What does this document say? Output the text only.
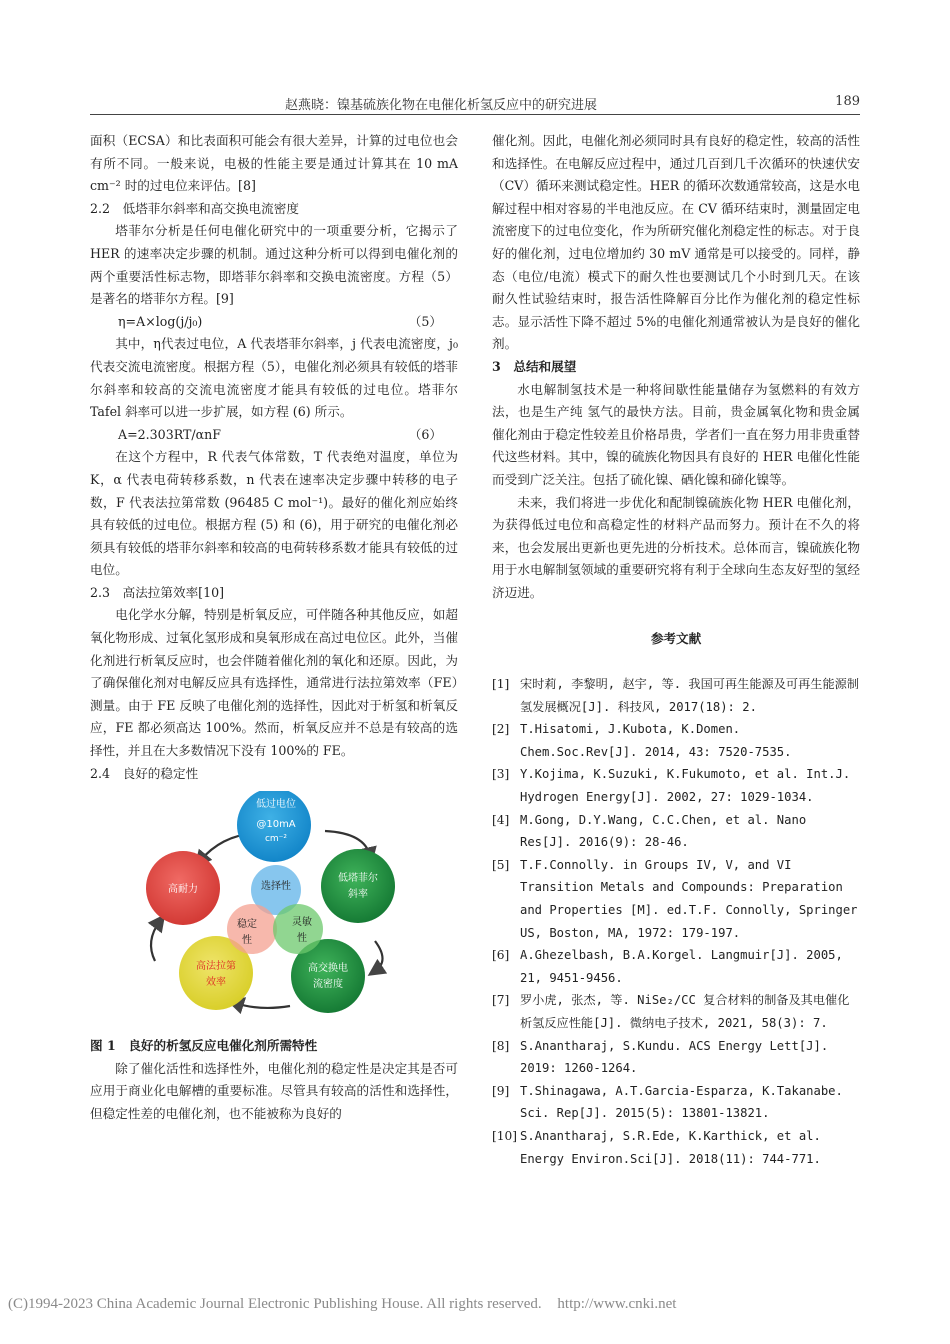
赵燕晓：镍基硫族化物在电催化析氢反应中的研究进展	189

面积（ECSA）和比表面积可能会有很大差异，计算的过电位也会有所不同。一般来说，电极的性能主要是通过计算其在 10 mA cm⁻² 时的过电位来评估。[8]

2.2　低塔菲尔斜率和高交换电流密度

塔菲尔分析是任何电催化研究中的一项重要分析，它揭示了 HER 的速率决定步骤的机制。通过这种分析可以得到电催化剂的两个重要活性标志物，即塔菲尔斜率和交换电流密度。方程（5）是著名的塔菲尔方程。[9]

η=A×log(j/j₀)	（5）

其中，η代表过电位，A 代表塔菲尔斜率，j 代表电流密度，j₀代表交流电流密度。根据方程（5），电催化剂必须具有较低的塔菲尔斜率和较高的交流电流密度才能具有较低的过电位。塔菲尔 Tafel 斜率可以进一步扩展，如方程 (6) 所示。

A=2.303RT/αnF	（6）

在这个方程中，R 代表气体常数，T 代表绝对温度，单位为 K，α 代表电荷转移系数，n 代表在速率决定步骤中转移的电子数，F 代表法拉第常数 (96485 C mol⁻¹)。最好的催化剂应始终具有较低的过电位。根据方程 (5) 和 (6)，用于研究的电催化剂必须具有较低的塔菲尔斜率和较高的电荷转移系数才能具有较低的过电位。

2.3　高法拉第效率[10]

电化学水分解，特别是析氧反应，可伴随各种其他反应，如超氧化物形成、过氧化氢形成和臭氧形成在高过电位区。此外，当催化剂进行析氧反应时，也会伴随着催化剂的氧化和还原。因此，为了确保催化剂对电解反应具有选择性，通常进行法拉第效率（FE）测量。由于 FE 反映了电催化剂的选择性，因此对于析氢和析氧反应，FE 都必须高达 100%。然而，析氧反应并不总是有较高的选择性，并且在大多数情况下没有 100%的 FE。

2.4　良好的稳定性

低过电位@10mA cm⁻²
低塔菲尔斜率
高交换电流密度
高法拉第效率
高耐力	选择性
稳定性
灵敏性

图 1　良好的析氢反应电催化剂所需特性

除了催化活性和选择性外，电催化剂的稳定性是决定其是否可应用于商业化电解槽的重要标准。尽管具有较高的活性和选择性，但稳定性差的电催化剂，也不能被称为良好的

催化剂。因此，电催化剂必须同时具有良好的稳定性，较高的活性和选择性。在电解反应过程中，通过几百到几千次循环的快速伏安（CV）循环来测试稳定性。HER 的循环次数通常较高，这是水电解过程中相对容易的半电池反应。在 CV 循环结束时，测量固定电流密度下的过电位变化，作为所研究催化剂稳定性的标志。对于良好的催化剂，过电位增加约 30 mV 通常是可以接受的。同样，静态（电位/电流）模式下的耐久性也要测试几个小时到几天。在该耐久性试验结束时，报告活性降解百分比作为催化剂的稳定性标志。显示活性下降不超过 5%的电催化剂通常被认为是良好的催化剂。

3　总结和展望

水电解制氢技术是一种将间歇性能量储存为氢燃料的有效方法，也是生产纯 氢气的最快方法。目前，贵金属氧化物和贵金属催化剂由于稳定性较差且价格昂贵，学者们一直在努力用非贵重替代这些材料。其中，镍的硫族化物因具有良好的 HER 电催化性能而受到广泛关注。包括了硫化镍、硒化镍和碲化镍等。

未来，我们将进一步优化和配制镍硫族化物 HER 电催化剂，为获得低过电位和高稳定性的材料产品而努力。预计在不久的将来，也会发展出更新也更先进的分析技术。总体而言，镍硫族化物用于水电解制氢领域的重要研究将有利于全球向生态友好型的氢经济迈进。

参考文献

[1] 宋时莉, 李黎明, 赵宇, 等. 我国可再生能源及可再生能源制氢发展概况[J]. 科技风, 2017(18): 2.
[2] T.Hisatomi, J.Kubota, K.Domen. Chem.Soc.Rev[J]. 2014, 43: 7520-7535.
[3] Y.Kojima, K.Suzuki, K.Fukumoto, et al. Int.J. Hydrogen Energy[J]. 2002, 27: 1029-1034.
[4] M.Gong, D.Y.Wang, C.C.Chen, et al. Nano Res[J]. 2016(9): 28-46.
[5] T.F.Connolly. in Groups IV, V, and VI Transition Metals and Compounds: Preparation and Properties [M]. ed.T.F. Connolly, Springer US, Boston, MA, 1972: 179-197.
[6] A.Ghezelbash, B.A.Korgel. Langmuir[J]. 2005, 21, 9451-9456.
[7] 罗小虎, 张杰, 等. NiSe₂/CC 复合材料的制备及其电催化析氢反应性能[J]. 微纳电子技术, 2021, 58(3): 7.
[8] S.Anantharaj, S.Kundu. ACS Energy Lett[J]. 2019: 1260-1264.
[9] T.Shinagawa, A.T.Garcia-Esparza, K.Takanabe. Sci. Rep[J]. 2015(5): 13801-13821.
[10] S.Anantharaj, S.R.Ede, K.Karthick, et al. Energy Environ.Sci[J]. 2018(11): 744-771.
(C)1994-2023 China Academic Journal Electronic Publishing House. All rights reserved. http://www.cnki.net
